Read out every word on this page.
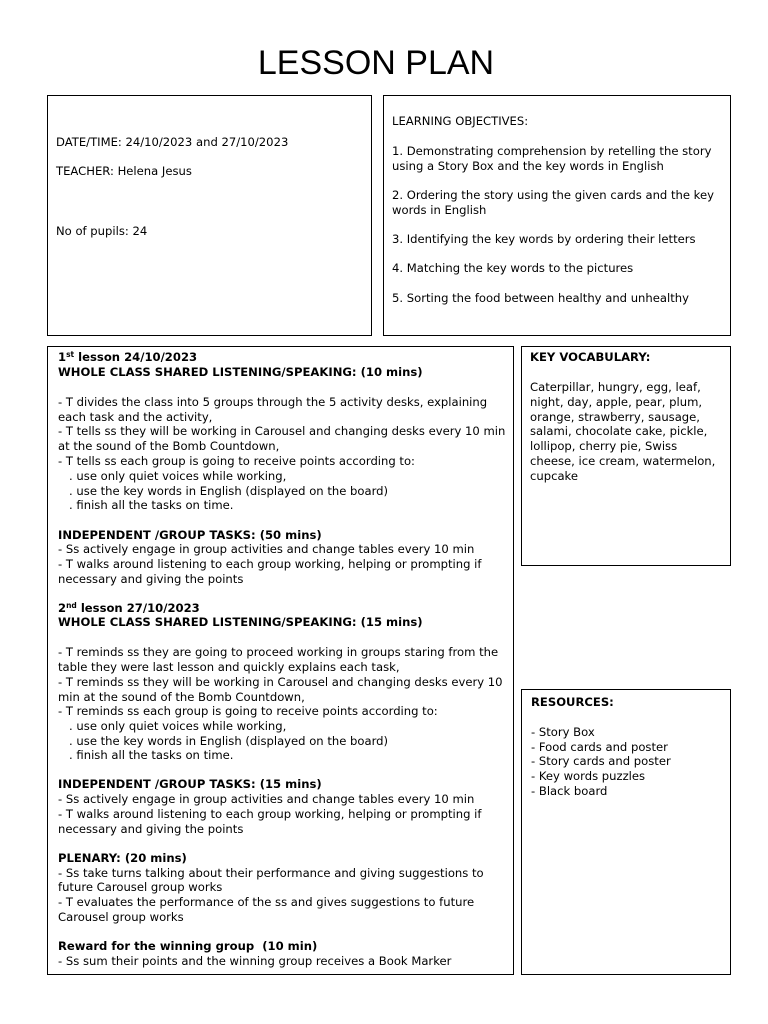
LESSON PLAN
DATE/TIME: 24/10/2023 and 27/10/2023
TEACHER: Helena Jesus
No of pupils: 24
LEARNING OBJECTIVES:
1. Demonstrating comprehension by retelling the story
using a Story Box and the key words in English
2. Ordering the story using the given cards and the key
words in English
3. Identifying the key words by ordering their letters
4. Matching the key words to the pictures
5. Sorting the food between healthy and unhealthy
1st lesson 24/10/2023
WHOLE CLASS SHARED LISTENING/SPEAKING: (10 mins)
- T divides the class into 5 groups through the 5 activity desks, explaining
each task and the activity,
- T tells ss they will be working in Carousel and changing desks every 10 min
at the sound of the Bomb Countdown,
- T tells ss each group is going to receive points according to:
. use only quiet voices while working,
. use the key words in English (displayed on the board)
. finish all the tasks on time.
INDEPENDENT /GROUP TASKS: (50 mins)
- Ss actively engage in group activities and change tables every 10 min
- T walks around listening to each group working, helping or prompting if
necessary and giving the points
2nd lesson 27/10/2023
WHOLE CLASS SHARED LISTENING/SPEAKING: (15 mins)
- T reminds ss they are going to proceed working in groups staring from the
table they were last lesson and quickly explains each task,
- T reminds ss they will be working in Carousel and changing desks every 10
min at the sound of the Bomb Countdown,
- T reminds ss each group is going to receive points according to:
. use only quiet voices while working,
. use the key words in English (displayed on the board)
. finish all the tasks on time.
INDEPENDENT /GROUP TASKS: (15 mins)
- Ss actively engage in group activities and change tables every 10 min
- T walks around listening to each group working, helping or prompting if
necessary and giving the points
PLENARY: (20 mins)
- Ss take turns talking about their performance and giving suggestions to
future Carousel group works
- T evaluates the performance of the ss and gives suggestions to future
Carousel group works
Reward for the winning group  (10 min)
- Ss sum their points and the winning group receives a Book Marker
KEY VOCABULARY:
Caterpillar, hungry, egg, leaf,
night, day, apple, pear, plum,
orange, strawberry, sausage,
salami, chocolate cake, pickle,
lollipop, cherry pie, Swiss
cheese, ice cream, watermelon,
cupcake
RESOURCES:
- Story Box
- Food cards and poster
- Story cards and poster
- Key words puzzles
- Black board
